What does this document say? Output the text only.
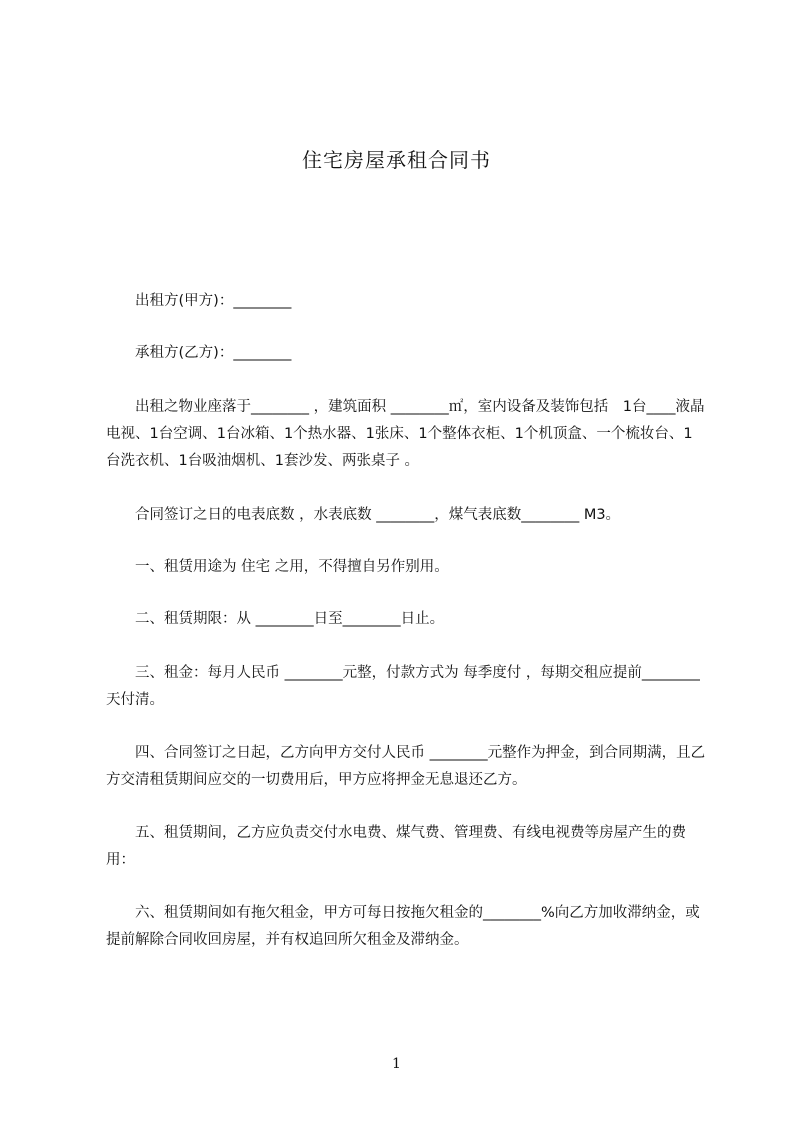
住宅房屋承租合同书

　　出租方(甲方)：________

　　承租方(乙方)：________

　　出租之物业座落于________ ，建筑面积 ________㎡，室内设备及装饰包括　1台____液晶电视、1台空调、1台冰箱、1个热水器、1张床、1个整体衣柜、1个机顶盒、一个梳妆台、1台洗衣机、1台吸油烟机、1套沙发、两张桌子 。

　　合同签订之日的电表底数 ，水表底数 ________，煤气表底数________ M3。

　　一、租赁用途为 住宅 之用，不得擅自另作别用。

　　二、租赁期限：从 ________日至________日止。

　　三、租金：每月人民币 ________元整，付款方式为 每季度付 ，每期交租应提前________ 天付清。

　　四、合同签订之日起，乙方向甲方交付人民币 ________元整作为押金，到合同期满，且乙方交清租赁期间应交的一切费用后，甲方应将押金无息退还乙方。

　　五、租赁期间，乙方应负责交付水电费、煤气费、管理费、有线电视费等房屋产生的费用：

　　六、租赁期间如有拖欠租金，甲方可每日按拖欠租金的________%向乙方加收滞纳金，或提前解除合同收回房屋，并有权追回所欠租金及滞纳金。

1
